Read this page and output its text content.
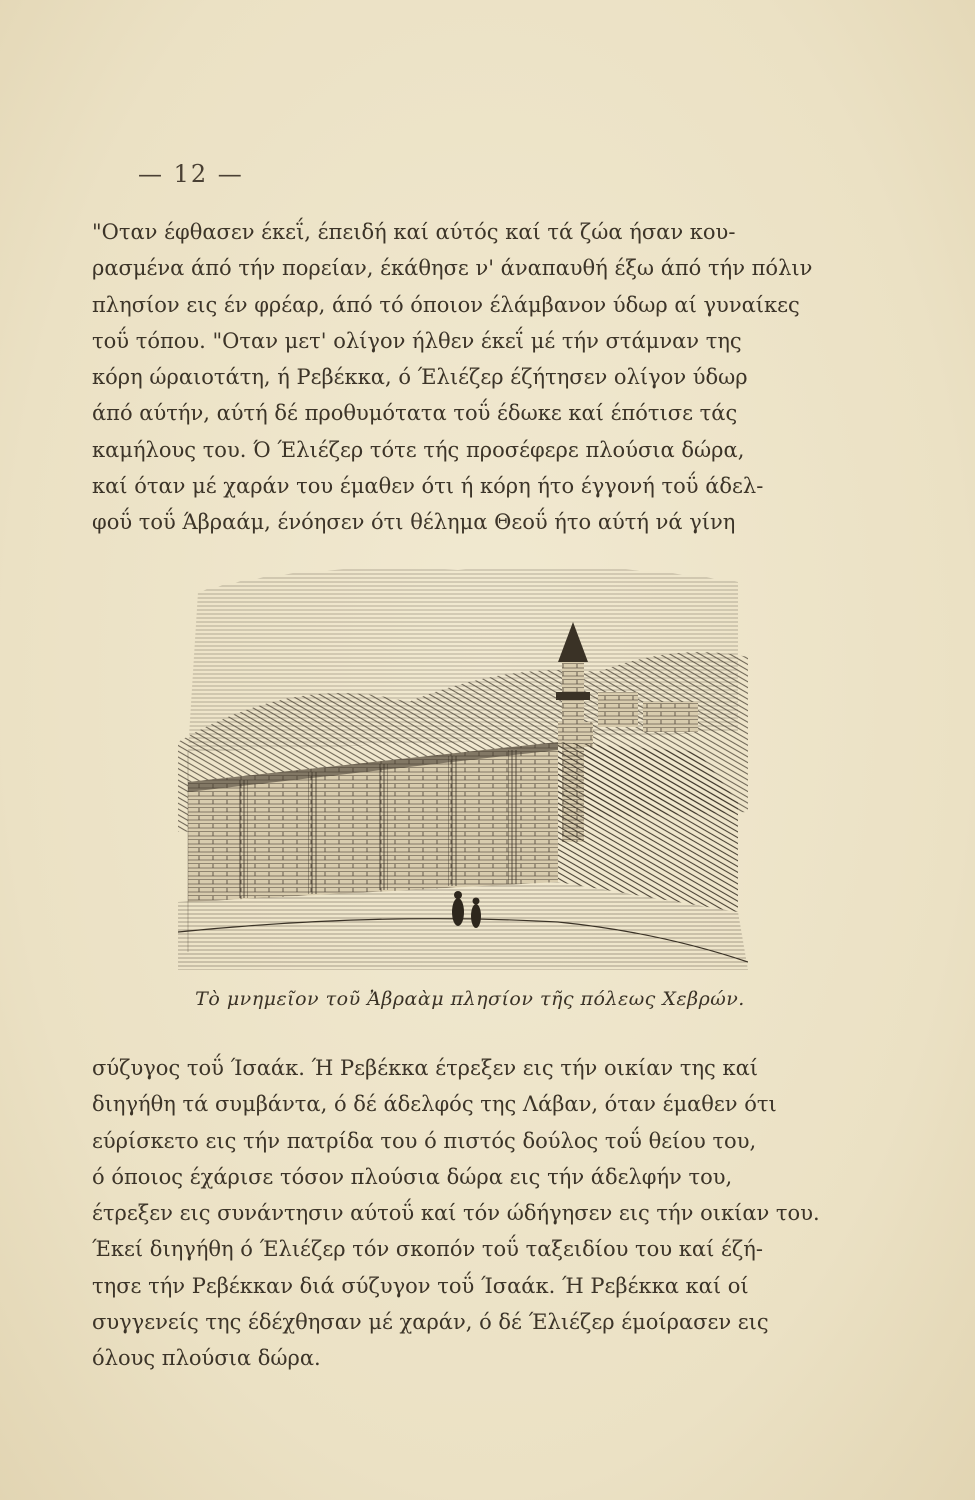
— 12 —

"Οταν έφθασεν έκεΐ, έπειδή καί αύτός καί τά ζώα ήσαν κου-
ρασμένα άπό τήν πορείαν, έκάθησε ν' άναπαυθή έξω άπό τήν πόλιν
πλησίον εις έν φρέαρ, άπό τό όποιον έλάμβανον ύδωρ αί γυναίκες
τοΰ τόπου. "Οταν μετ' ολίγον ήλθεν έκεΐ μέ τήν στάμναν της
κόρη ώραιοτάτη, ή Ρεβέκκα, ό Έλιέζερ έζήτησεν ολίγον ύδωρ
άπό αύτήν, αύτή δέ προθυμότατα τοΰ έδωκε καί έπότισε τάς
καμήλους του. Ό Έλιέζερ τότε τής προσέφερε πλούσια δώρα,
καί όταν μέ χαράν του έμαθεν ότι ή κόρη ήτο έγγονή τοΰ άδελ-
φοΰ τοΰ Άβραάμ, ένόησεν ότι θέλημα Θεοΰ ήτο αύτή νά γίνη

Τὸ μνημεῖον τοῦ Ἀβραὰμ πλησίον τῆς πόλεως Χεβρών.

σύζυγος τοΰ Ίσαάκ. Ή Ρεβέκκα έτρεξεν εις τήν οικίαν της καί
διηγήθη τά συμβάντα, ό δέ άδελφός της Λάβαν, όταν έμαθεν ότι
εύρίσκετο εις τήν πατρίδα του ό πιστός δούλος τοΰ θείου του,
ό όποιος έχάρισε τόσον πλούσια δώρα εις τήν άδελφήν του,
έτρεξεν εις συνάντησιν αύτοΰ καί τόν ώδήγησεν εις τήν οικίαν του.
Έκεί διηγήθη ό Έλιέζερ τόν σκοπόν τοΰ ταξειδίου του καί έζή-
τησε τήν Ρεβέκκαν διά σύζυγον τοΰ Ίσαάκ. Ή Ρεβέκκα καί οί
συγγενείς της έδέχθησαν μέ χαράν, ό δέ Έλιέζερ έμοίρασεν εις
όλους πλούσια δώρα.
